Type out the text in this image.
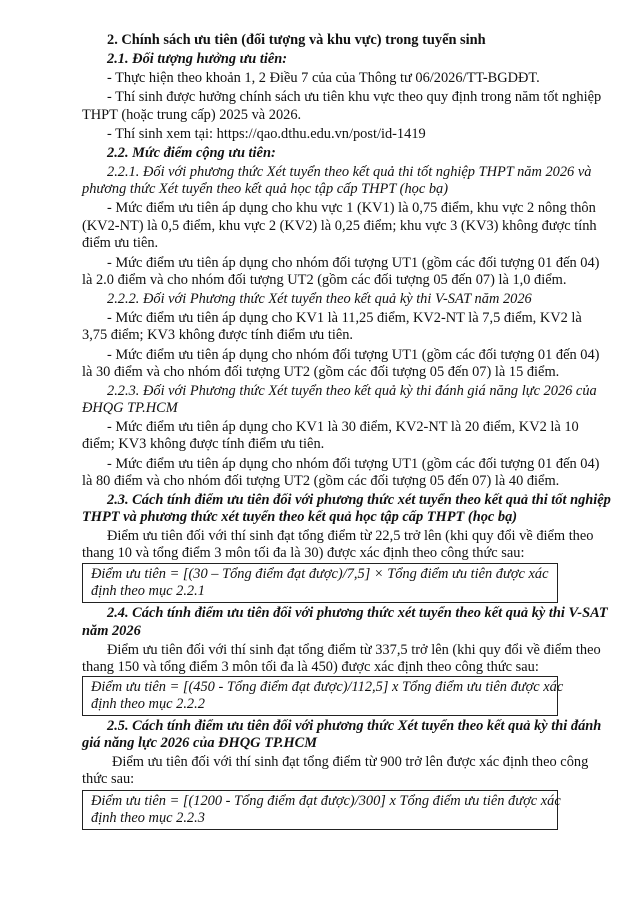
2. Chính sách ưu tiên (đối tượng và khu vực) trong tuyển sinh
2.1. Đối tượng hưởng ưu tiên:
- Thực hiện theo khoản 1, 2 Điều 7 của của Thông tư 06/2026/TT-BGDĐT.
- Thí sinh được hưởng chính sách ưu tiên khu vực theo quy định trong năm tốt nghiệp
THPT (hoặc trung cấp) 2025 và 2026.
- Thí sinh xem tại: https://qao.dthu.edu.vn/post/id-1419
2.2. Mức điểm cộng ưu tiên:
2.2.1. Đối với phương thức Xét tuyển theo kết quả thi tốt nghiệp THPT năm 2026 và
phương thức Xét tuyển theo kết quả học tập cấp THPT (học bạ)
- Mức điểm ưu tiên áp dụng cho khu vực 1 (KV1) là 0,75 điểm, khu vực 2 nông thôn
(KV2-NT) là 0,5 điểm, khu vực 2 (KV2) là 0,25 điểm; khu vực 3 (KV3) không được tính
điểm ưu tiên.
- Mức điểm ưu tiên áp dụng cho nhóm đối tượng UT1 (gồm các đối tượng 01 đến 04)
là 2.0 điểm và cho nhóm đối tượng UT2 (gồm các đối tượng 05 đến 07) là 1,0 điểm.
2.2.2. Đối với Phương thức Xét tuyển theo kết quả kỳ thi V-SAT năm 2026
- Mức điểm ưu tiên áp dụng cho KV1 là 11,25 điểm, KV2-NT là 7,5 điểm, KV2 là
3,75 điểm; KV3 không được tính điểm ưu tiên.
- Mức điểm ưu tiên áp dụng cho nhóm đối tượng UT1 (gồm các đối tượng 01 đến 04)
là 30 điểm và cho nhóm đối tượng UT2 (gồm các đối tượng 05 đến 07) là 15 điểm.
2.2.3. Đối với Phương thức Xét tuyển theo kết quả kỳ thi đánh giá năng lực 2026 của
ĐHQG TP.HCM
- Mức điểm ưu tiên áp dụng cho KV1 là 30 điểm, KV2-NT là 20 điểm, KV2 là 10
điểm; KV3 không được tính điểm ưu tiên.
- Mức điểm ưu tiên áp dụng cho nhóm đối tượng UT1 (gồm các đối tượng 01 đến 04)
là 80 điểm và cho nhóm đối tượng UT2 (gồm các đối tượng 05 đến 07) là 40 điểm.
2.3. Cách tính điểm ưu tiên đối với phương thức xét tuyển theo kết quả thi tốt nghiệp
THPT và phương thức xét tuyển theo kết quả học tập cấp THPT (học bạ)
Điểm ưu tiên đối với thí sinh đạt tổng điểm từ 22,5 trở lên (khi quy đổi về điểm theo
thang 10 và tổng điểm 3 môn tối đa là 30) được xác định theo công thức sau:
Điểm ưu tiên = [(30 – Tổng điểm đạt được)/7,5] × Tổng điểm ưu tiên được xác
định theo mục 2.2.1
2.4. Cách tính điểm ưu tiên đối với phương thức xét tuyển theo kết quả kỳ thi V-SAT
năm 2026
Điểm ưu tiên đối với thí sinh đạt tổng điểm từ 337,5 trở lên (khi quy đổi về điểm theo
thang 150 và tổng điểm 3 môn tối đa là 450) được xác định theo công thức sau:
Điểm ưu tiên = [(450 - Tổng điểm đạt được)/112,5] x Tổng điểm ưu tiên được xác
định theo mục 2.2.2
2.5. Cách tính điểm ưu tiên đối với phương thức Xét tuyển theo kết quả kỳ thi đánh
giá năng lực 2026 của ĐHQG TP.HCM
Điểm ưu tiên đối với thí sinh đạt tổng điểm từ 900 trở lên được xác định theo công
thức sau:
Điểm ưu tiên = [(1200 - Tổng điểm đạt được)/300] x Tổng điểm ưu tiên được xác
định theo mục 2.2.3
